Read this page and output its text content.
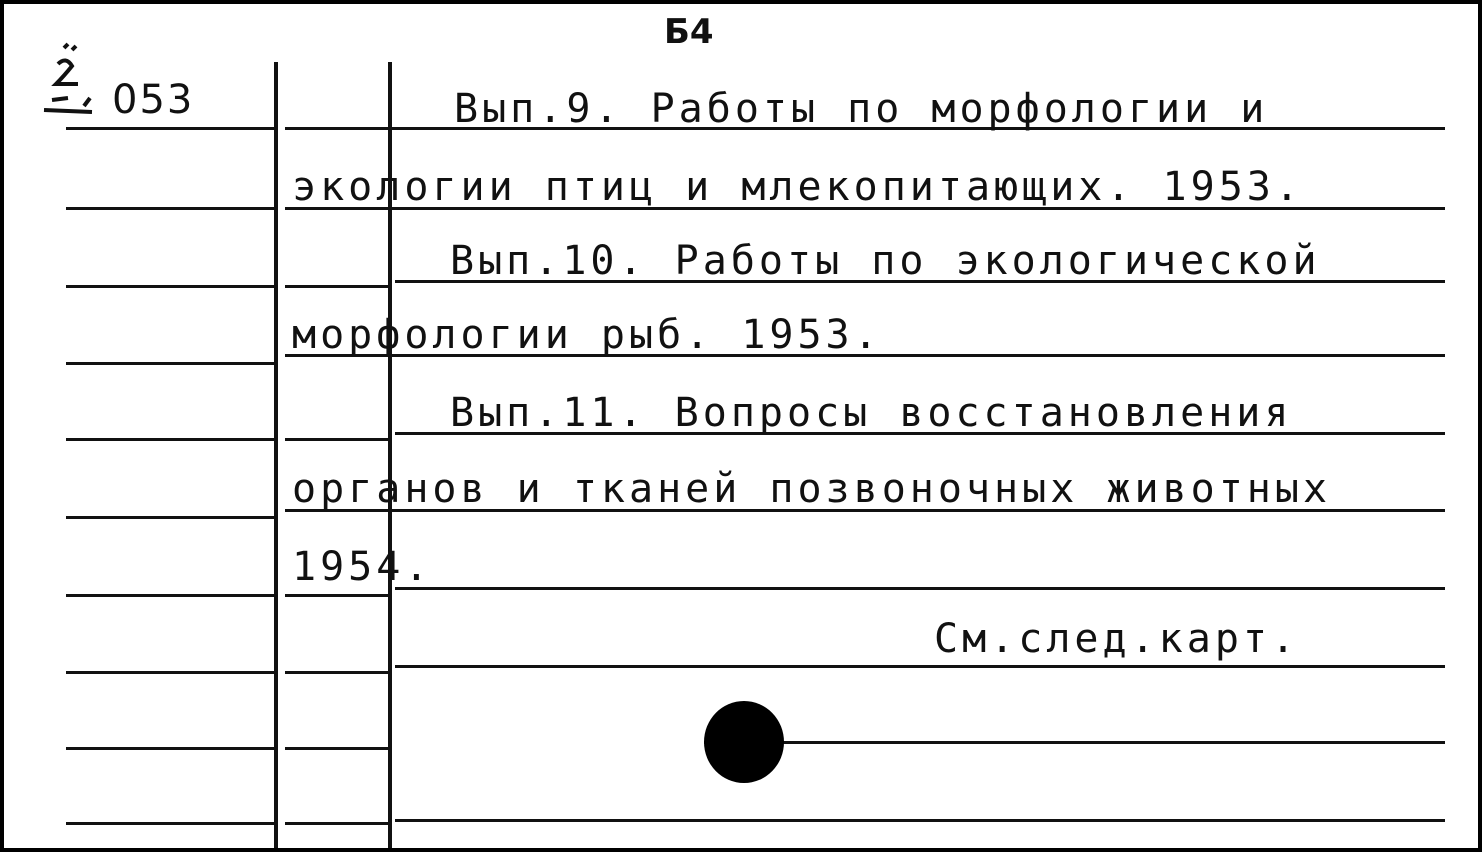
Б4
053	Вып.9. Работы по морфологии и
экологии птиц и млекопитающих. 1953.
Вып.10. Работы по экологической
морфологии рыб. 1953.
Вып.11. Вопросы восстановления
органов и тканей позвоночных животных
1954.
См.след.карт.
